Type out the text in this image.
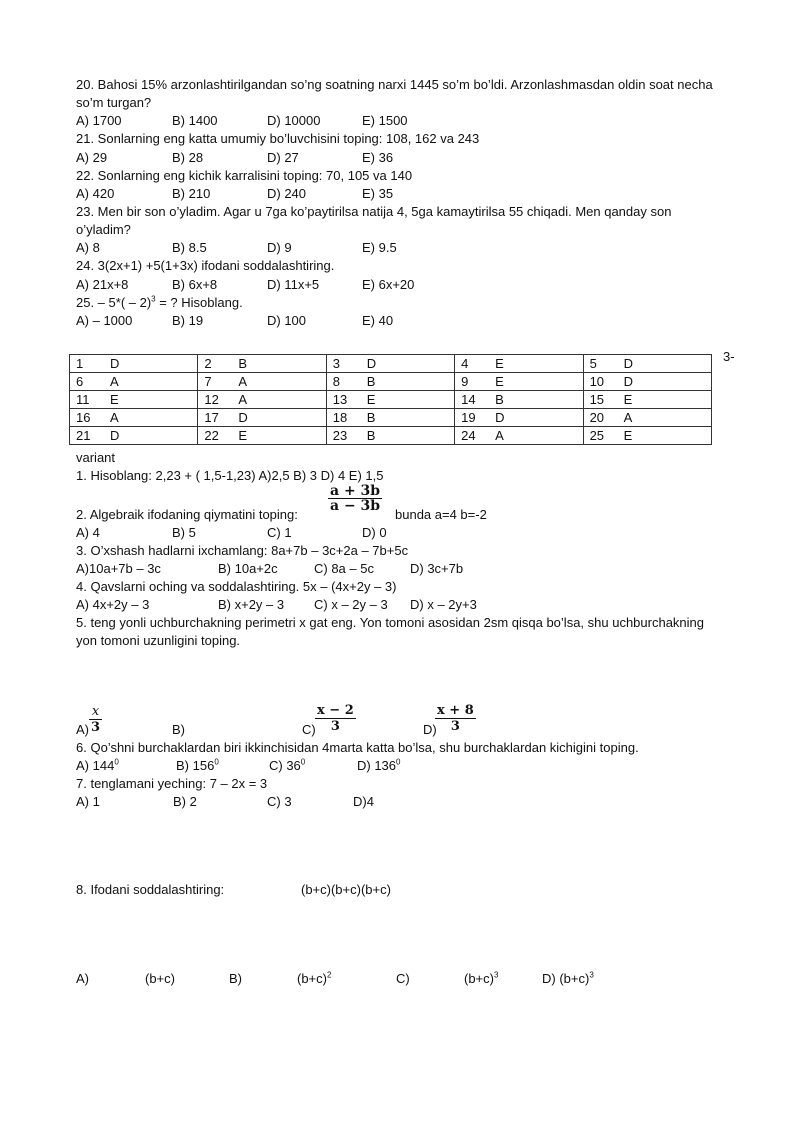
20. Bahosi 15% arzonlashtirilgandan so’ng soatning narxi 1445 so’m bo’ldi. Arzonlashmasdan oldin soat necha
so’m turgan?
A) 1700	B) 1400	D) 10000	E) 1500
21. Sonlarning eng katta umumiy bo’luvchisini toping: 108, 162 va 243
A) 29	B) 28	D) 27	E) 36
22. Sonlarning eng kichik karralisini toping: 70, 105 va 140
A) 420	B) 210	D) 240	E) 35
23. Men bir son o’yladim. Agar u 7ga ko’paytirilsa natija 4, 5ga kamaytirilsa 55 chiqadi. Men qanday son
o’yladim?
A) 8	B) 8.5	D) 9	E) 9.5
24. 3(2x+1) +5(1+3x) ifodani soddalashtiring.
A) 21x+8	B) 6x+8	D) 11x+5	E) 6x+20
25. – 5*( – 2)$^3$ = ? Hisoblang.
A) – 1000	B) 19	D) 100	E) 40
1 D	2 B	3 D	4 E	5 D
6 A	7 A	8 B	9 E	10 D
11 E	12 A	13 E	14 B	15 E
16 A	17 D	18 B	19 D	20 A
21 D	22 E	23 B	24 A	25 E
3-
variant
1. Hisoblang: 2,23 + ( 1,5-1,23) A)2,5 B) 3 D) 4 E) 1,5
$\frac{a + 3b}{a - 3b}$
2. Algebraik ifodaning qiymatini toping:	bunda a=4 b=-2
A) 4	B) 5	C) 1	D) 0
3. O’xshash hadlarni ixchamlang: 8a+7b – 3c+2a – 7b+5c
A)10a+7b – 3c	B) 10a+2c	C) 8a – 5c	D) 3c+7b
4. Qavslarni oching va soddalashtiring. 5x – (4x+2y – 3)
A) 4x+2y – 3	B) x+2y – 3 C) x – 2y – 3 D) x – 2y+3
5. teng yonli uchburchakning perimetri x gat eng. Yon tomoni asosidan 2sm qisqa bo’lsa, shu uchburchakning
yon tomoni uzunligini toping.
$A) \frac{x}{3}$	B)	$C) \frac{x - 2}{3}$	D)
$\frac{x + 8}{3}$
6. Qo’shni burchaklardan biri ikkinchisidan 4marta katta bo’lsa, shu burchaklardan kichigini toping.
A) $144^0$	B) $156^0$	C) $36^0$	D) $136^0$
7. tenglamani yeching: 7 – 2x = 3
A) 1	B) 2	C) 3	D)4
8. Ifodani soddalashtiring:	(b+c)(b+c)(b+c)
A)	(b+c)	B)	$(b+c)^2$	C)	$(b+c)^3$	D) $(b+c)^3$
